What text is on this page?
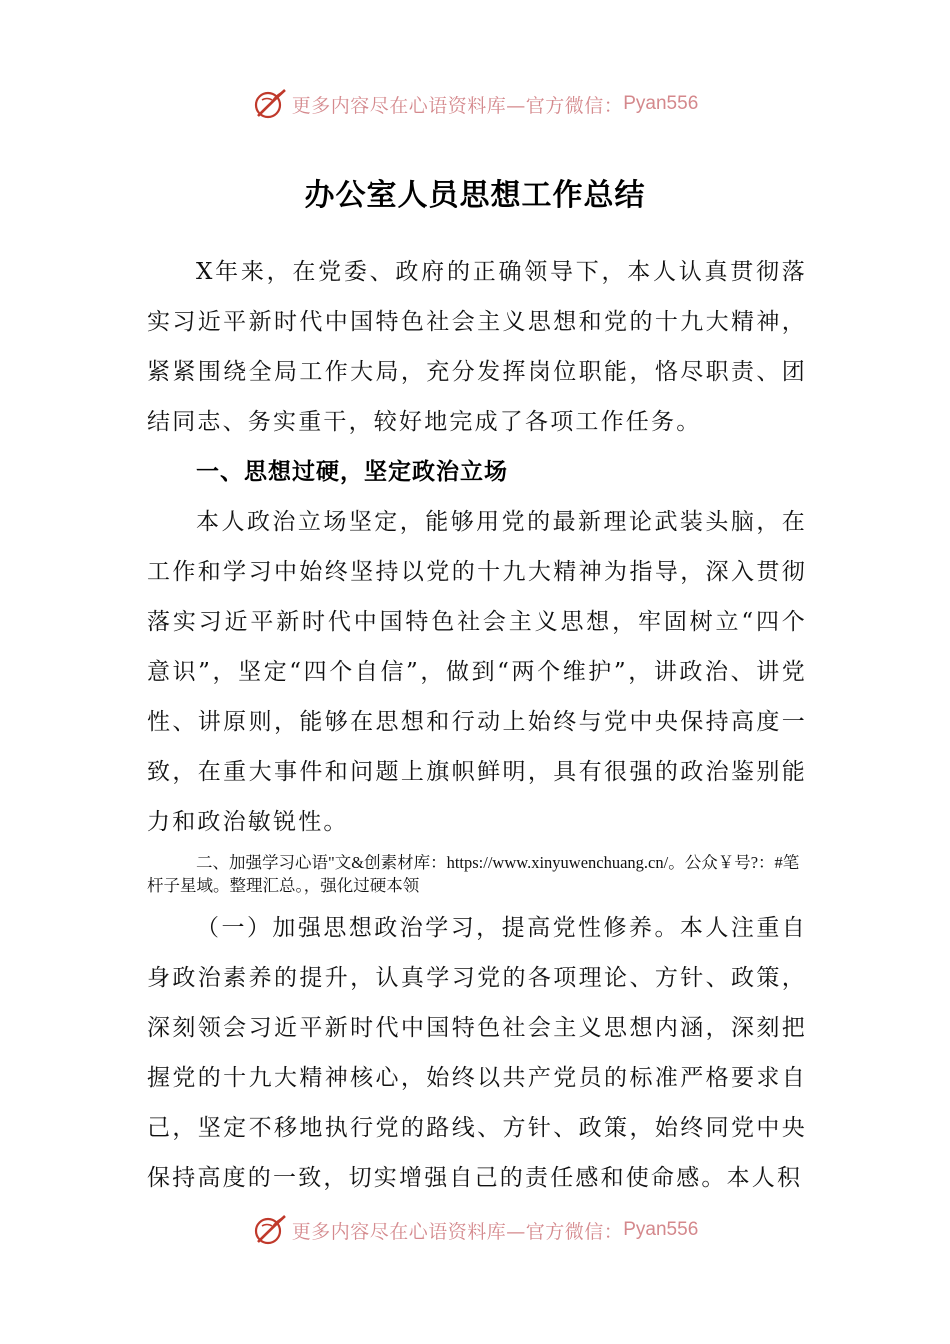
更多内容尽在心语资料库—官方微信： Pyan556
办公室人员思想工作总结

X年来，在党委、政府的正确领导下，本人认真贯彻落实习近平新时代中国特色社会主义思想和党的十九大精神，紧紧围绕全局工作大局，充分发挥岗位职能，恪尽职责、团结同志、务实重干，较好地完成了各项工作任务。

一、思想过硬，坚定政治立场

本人政治立场坚定，能够用党的最新理论武装头脑，在工作和学习中始终坚持以党的十九大精神为指导，深入贯彻落实习近平新时代中国特色社会主义思想，牢固树立“四个意识”，坚定“四个自信”，做到“两个维护”，讲政治、讲党性、讲原则，能够在思想和行动上始终与党中央保持高度一致，在重大事件和问题上旗帜鲜明，具有很强的政治鉴别能力和政治敏锐性。

二、加强学习心语"文&创素材库：https://www.xinyuwenchuang.cn/。公众￥号?：#笔杆子星域。整理汇总。，强化过硬本领

（一）加强思想政治学习，提高党性修养。本人注重自身政治素养的提升，认真学习党的各项理论、方针、政策，深刻领会习近平新时代中国特色社会主义思想内涵，深刻把握党的十九大精神核心，始终以共产党员的标准严格要求自己，坚定不移地执行党的路线、方针、政策，始终同党中央保持高度的一致，切实增强自己的责任感和使命感。本人积

更多内容尽在心语资料库—官方微信： Pyan556
